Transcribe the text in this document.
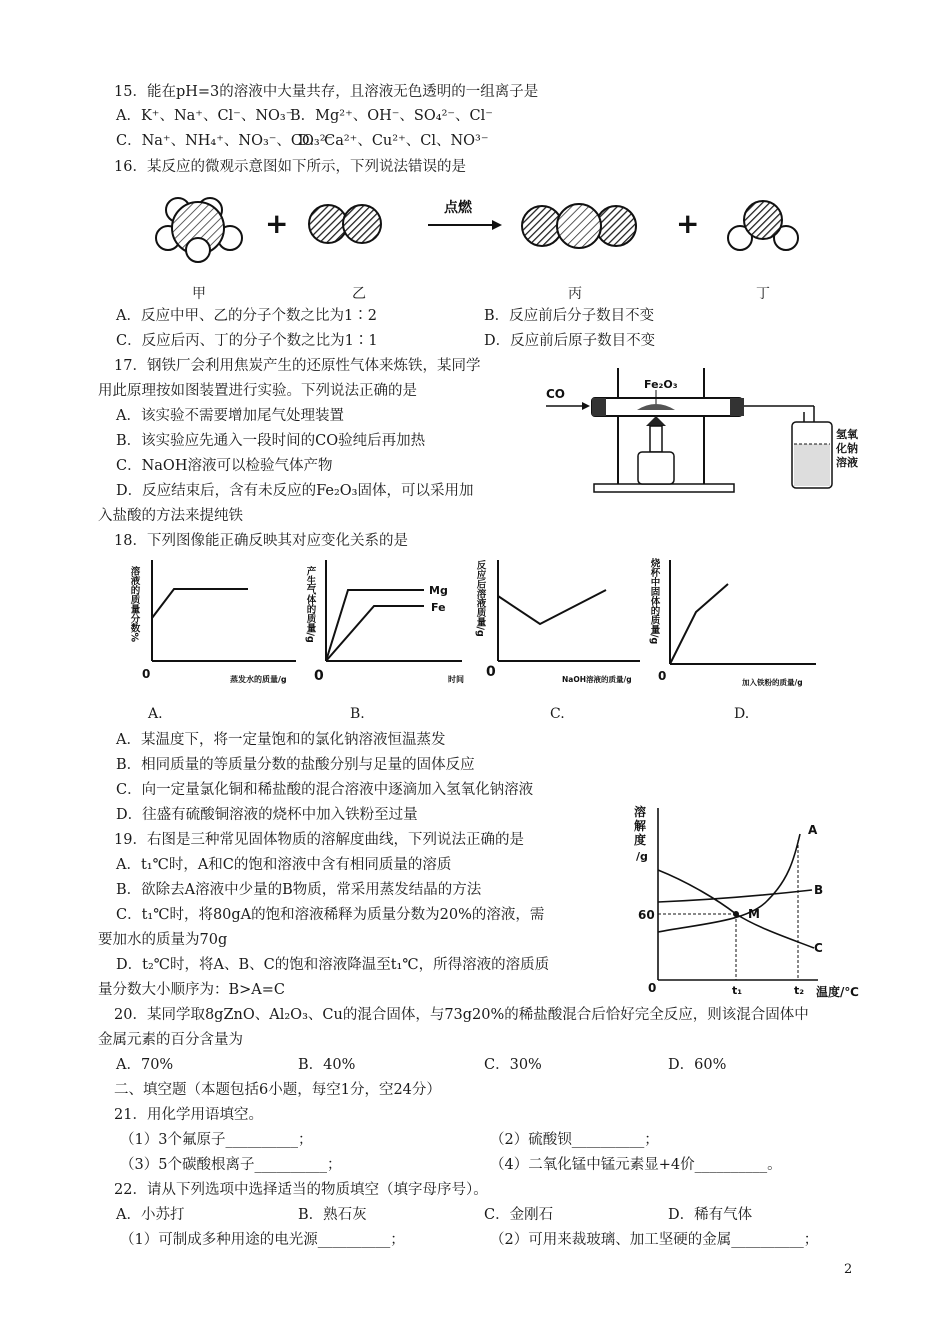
15．能在pH=3的溶液中大量共存，且溶液无色透明的一组离子是
A．K⁺、Na⁺、Cl⁻、NO₃⁻
B．Mg²⁺、OH⁻、SO₄²⁻、Cl⁻
C．Na⁺、NH₄⁺、NO₃⁻、CO₃²⁻
D．Ca²⁺、Cu²⁺、Cl、NO³⁻
16．某反应的微观示意图如下所示，下列说法错误的是
+	点燃	+
甲	乙	丙	丁
A．反应中甲、乙的分子个数之比为1∶2	B．反应前后分子数目不变
C．反应后丙、丁的分子个数之比为1∶1	D．反应前后原子数目不变
17．钢铁厂会利用焦炭产生的还原性气体来炼铁，某同学
用此原理按如图装置进行实验。下列说法正确的是
A．该实验不需要增加尾气处理装置
B．该实验应先通入一段时间的CO验纯后再加热
C．NaOH溶液可以检验气体产物
D．反应结束后，含有未反应的Fe₂O₃固体，可以采用加
入盐酸的方法来提纯铁
CO
Fe₂O₃
氢氧
化钠
溶液
18．下列图像能正确反映其对应变化关系的是
溶液的质量分数%
0	蒸发水的质量/g
产生气体的质量/g	Mg
Fe
0	时间
反应后溶液质量/g
0	NaOH溶液的质量/g
烧杯中固体的质量/g
0	加入铁粉的质量/g
A.	B.	C.	D.
A．某温度下，将一定量饱和的氯化钠溶液恒温蒸发
B．相同质量的等质量分数的盐酸分别与足量的固体反应
C．向一定量氯化铜和稀盐酸的混合溶液中逐滴加入氢氧化钠溶液
D．往盛有硫酸铜溶液的烧杯中加入铁粉至过量
19．右图是三种常见固体物质的溶解度曲线，下列说法正确的是
A．t₁℃时，A和C的饱和溶液中含有相同质量的溶质
B．欲除去A溶液中少量的B物质，常采用蒸发结晶的方法
C．t₁℃时，将80gA的饱和溶液稀释为质量分数为20%的溶液，需
要加水的质量为70g
D．t₂℃时，将A、B、C的饱和溶液降温至t₁℃，所得溶液的溶质质
量分数大小顺序为：B>A=C
溶
解
度
/g
60
0	t₁	t₂ 温度/℃
M
A
B
C
20．某同学取8gZnO、Al₂O₃、Cu的混合固体，与73g20%的稀盐酸混合后恰好完全反应，则该混合固体中
金属元素的百分含量为
A．70%	B．40%	C．30%	D．60%
二、填空题（本题包括6小题，每空1分，空24分）
21．用化学用语填空。
（1）3个氟原子__________；	（2）硫酸钡__________；
（3）5个碳酸根离子__________；	（4）二氧化锰中锰元素显+4价__________。
22．请从下列选项中选择适当的物质填空（填字母序号）。
A．小苏打	B．熟石灰	C．金刚石	D．稀有气体
（1）可制成多种用途的电光源__________；	（2）可用来裁玻璃、加工坚硬的金属__________；
2
